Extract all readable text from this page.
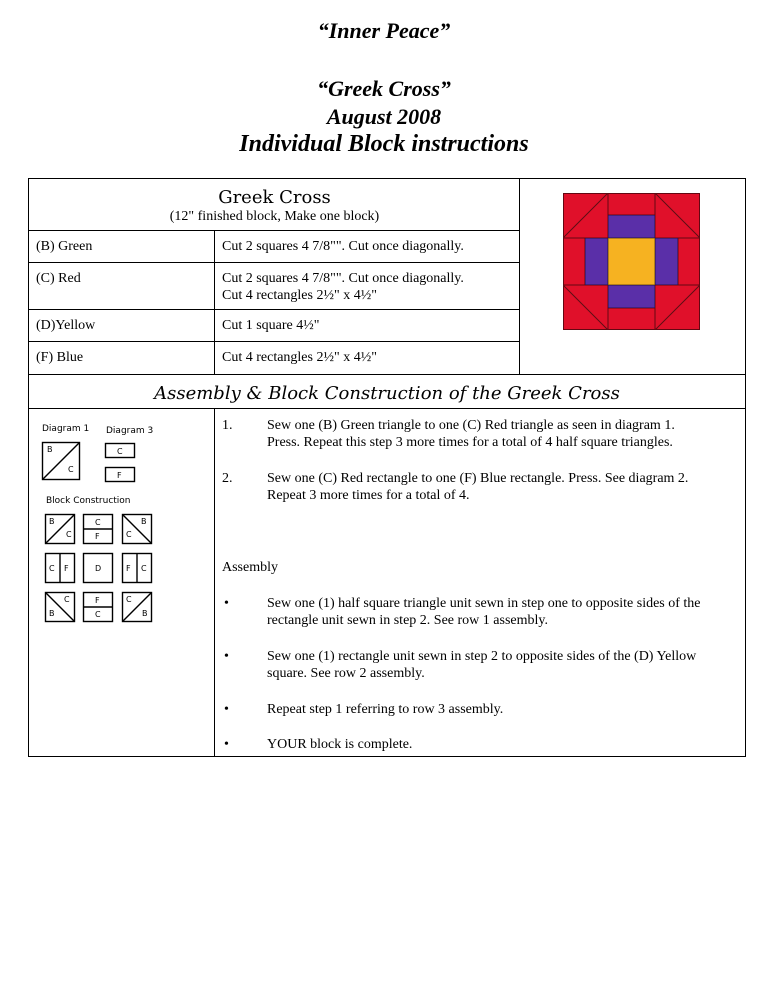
“Inner Peace”
“Greek Cross”
August 2008
Individual Block instructions
Greek Cross
(12" finished block, Make one block)
(B) Green	Cut 2 squares 4 7/8"". Cut once diagonally.
(C) Red	Cut 2 squares 4 7/8"". Cut once diagonally.
Cut 4 rectangles 2½" x 4½"
(D)Yellow	Cut 1 square 4½"
(F) Blue	Cut 4 rectangles 2½" x 4½"
Assembly & Block Construction of the Greek Cross
Diagram 1 Diagram 3
Block Construction
B
C
C
F
B
C
C
F
B
C
C F	D	F C
C
B
F
C
C
B
1. Sew one (B) Green triangle to one (C) Red triangle as seen in diagram 1.
Press. Repeat this step 3 more times for a total of 4 half square triangles.
2. Sew one (C) Red rectangle to one (F) Blue rectangle. Press. See diagram 2.
Repeat 3 more times for a total of 4.
Assembly
•	Sew one (1) half square triangle unit sewn in step one to opposite sides of the
rectangle unit sewn in step 2. See row 1 assembly.
•	Sew one (1) rectangle unit sewn in step 2 to opposite sides of the (D) Yellow
square. See row 2 assembly.
•	Repeat step 1 referring to row 3 assembly.
•	YOUR block is complete.
